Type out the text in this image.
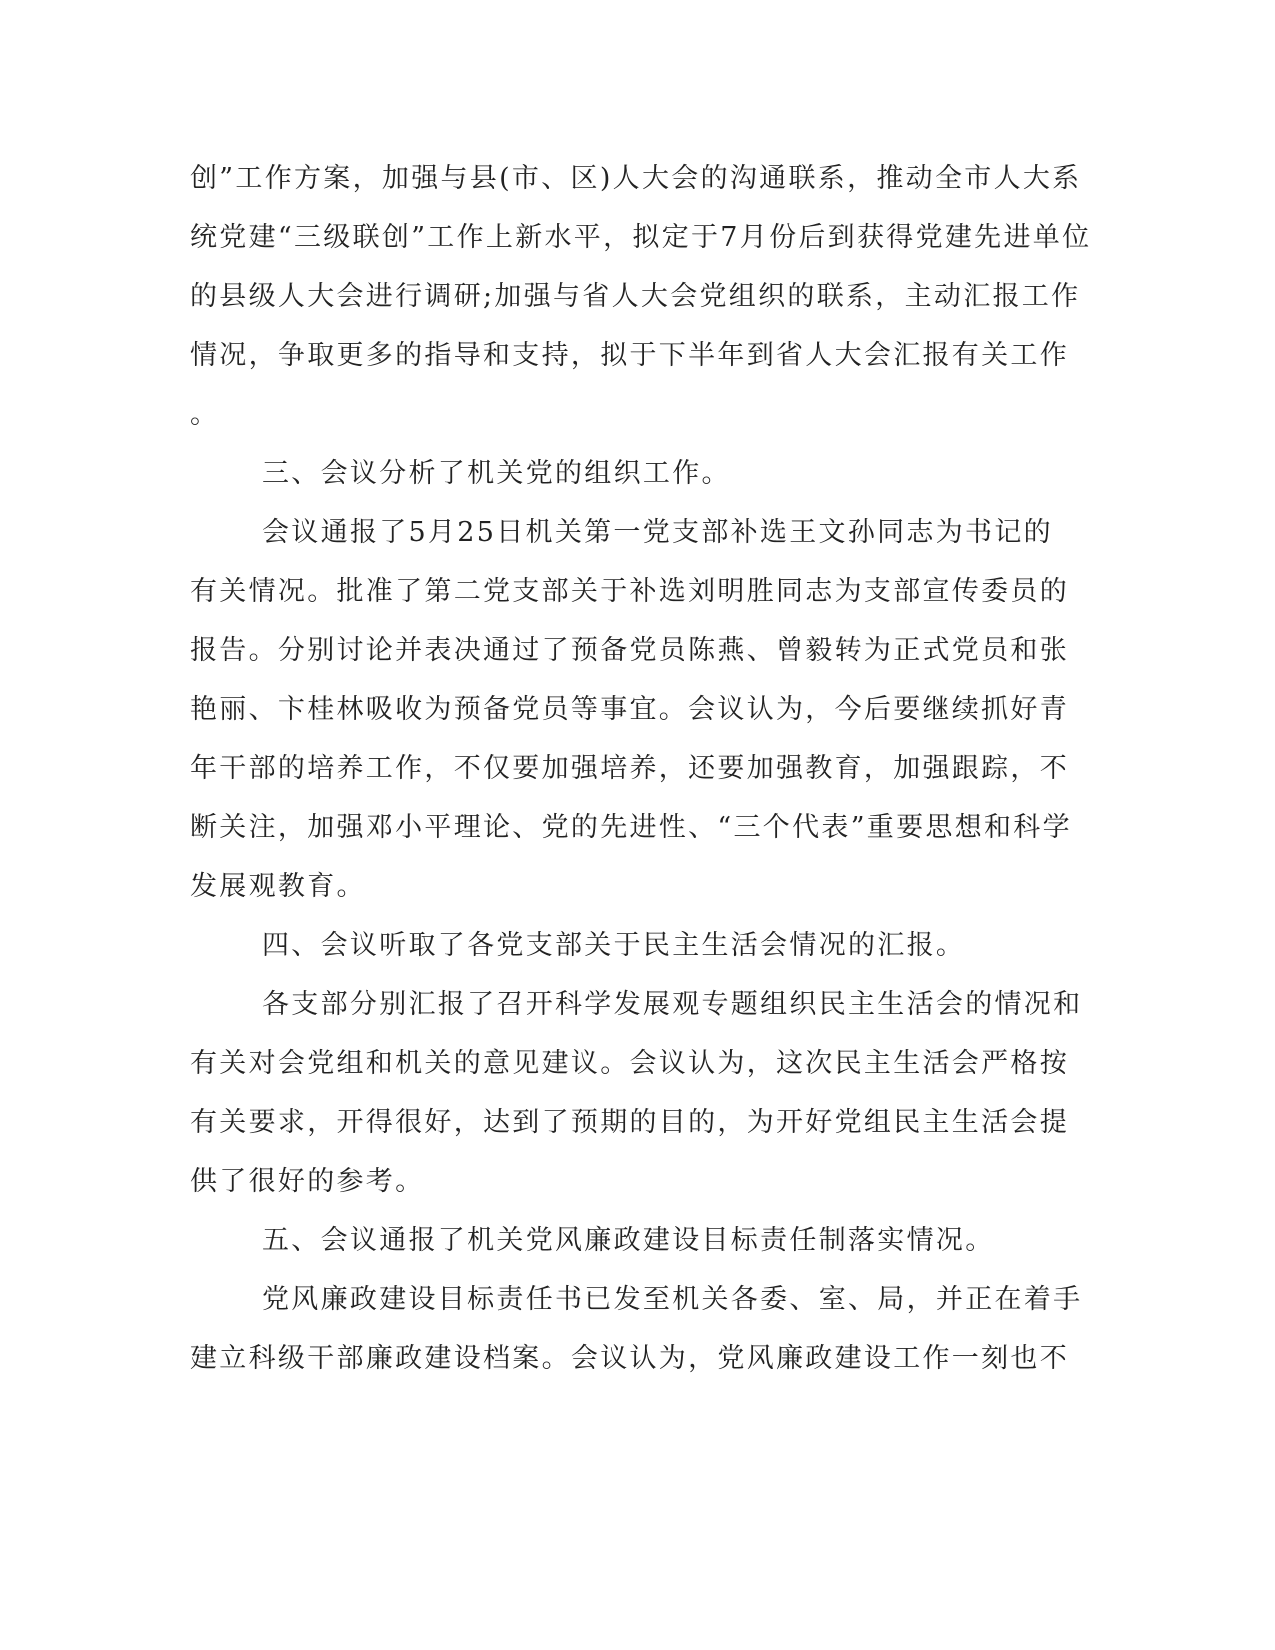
创”工作方案，加强与县(市、区)人大会的沟通联系，推动全市人大系
统党建“三级联创”工作上新水平，拟定于7月份后到获得党建先进单位
的县级人大会进行调研;加强与省人大会党组织的联系，主动汇报工作
情况，争取更多的指导和支持，拟于下半年到省人大会汇报有关工作
。
三、会议分析了机关党的组织工作。
会议通报了5月25日机关第一党支部补选王文孙同志为书记的
有关情况。批准了第二党支部关于补选刘明胜同志为支部宣传委员的
报告。分别讨论并表决通过了预备党员陈燕、曾毅转为正式党员和张
艳丽、卞桂林吸收为预备党员等事宜。会议认为，今后要继续抓好青
年干部的培养工作，不仅要加强培养，还要加强教育，加强跟踪，不
断关注，加强邓小平理论、党的先进性、“三个代表”重要思想和科学
发展观教育。
四、会议听取了各党支部关于民主生活会情况的汇报。
各支部分别汇报了召开科学发展观专题组织民主生活会的情况和
有关对会党组和机关的意见建议。会议认为，这次民主生活会严格按
有关要求，开得很好，达到了预期的目的，为开好党组民主生活会提
供了很好的参考。
五、会议通报了机关党风廉政建设目标责任制落实情况。
党风廉政建设目标责任书已发至机关各委、室、局，并正在着手
建立科级干部廉政建设档案。会议认为，党风廉政建设工作一刻也不
